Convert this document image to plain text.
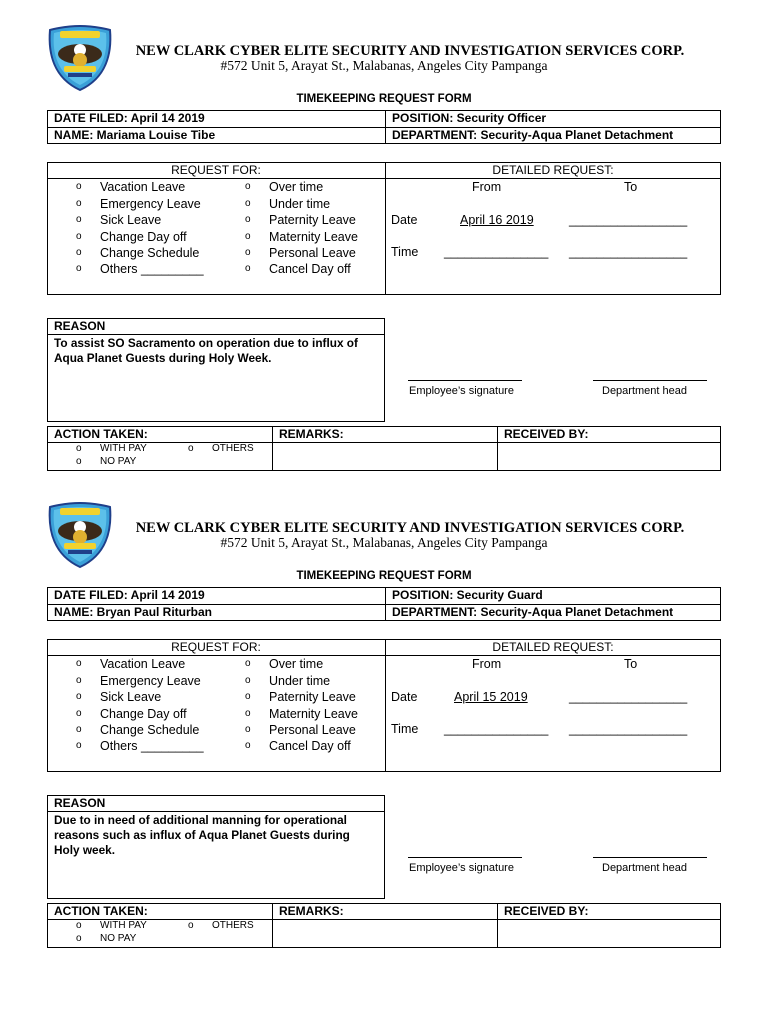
NEW CLARK CYBER ELITE SECURITY AND INVESTIGATION SERVICES CORP.
#572 Unit 5, Arayat St., Malabanas, Angeles City Pampanga
TIMEKEEPING REQUEST FORM
DATE FILED: April 14 2019	POSITION: Security Officer
NAME: Mariama Louise Tibe	DEPARTMENT: Security-Aqua Planet Detachment
REQUEST FOR:	DETAILED REQUEST:
o Vacation Leave
o Emergency Leave
o Sick Leave
o Change Day off
o Change Schedule
o Others _________
o Over time
o Under time
o Paternity Leave
o Maternity Leave
o Personal Leave
o Cancel Day off
From	To
Date	April 16 2019	_________________
Time _______________ _________________
REASON
To assist SO Sacramento on operation due to influx of Aqua Planet Guests during Holy Week.
Employee’s signature	Department head
ACTION TAKEN:	REMARKS:	RECEIVED BY:
o WITH PAY	o OTHERS
o NO PAY
NEW CLARK CYBER ELITE SECURITY AND INVESTIGATION SERVICES CORP.
#572 Unit 5, Arayat St., Malabanas, Angeles City Pampanga
TIMEKEEPING REQUEST FORM
DATE FILED: April 14 2019	POSITION: Security Guard
NAME: Bryan Paul Riturban	DEPARTMENT: Security-Aqua Planet Detachment
REQUEST FOR:	DETAILED REQUEST:
o Vacation Leave
o Emergency Leave
o Sick Leave
o Change Day off
o Change Schedule
o Others _________
o Over time
o Under time
o Paternity Leave
o Maternity Leave
o Personal Leave
o Cancel Day off
From	To
Date	April 15 2019	_________________
Time _______________ _________________
REASON
Due to in need of additional manning for operational reasons such as influx of Aqua Planet Guests during Holy week.
Employee’s signature	Department head
ACTION TAKEN:	REMARKS:	RECEIVED BY:
o WITH PAY	o OTHERS
o NO PAY
